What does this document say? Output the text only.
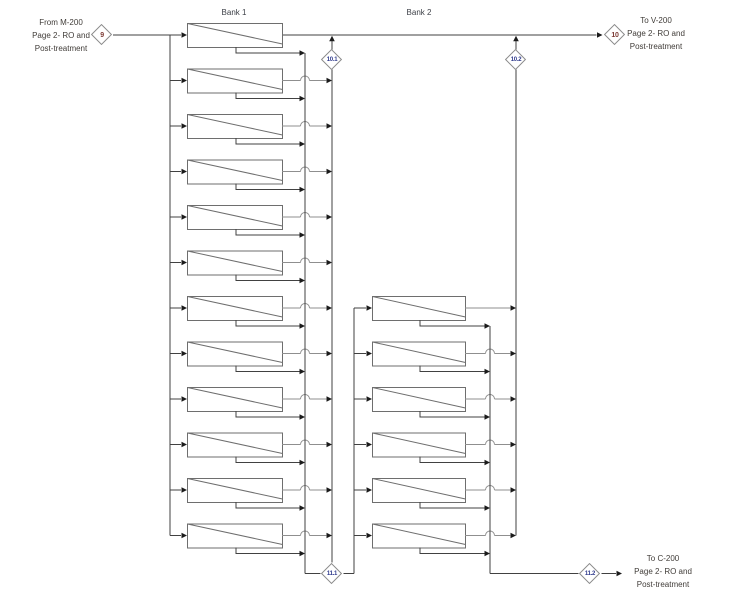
From M-200
Page 2- RO and
Post-treatment
To V-200
Page 2- RO and
Post-treatment
To C-200
Page 2- RO and
Post-treatment
Bank 1	Bank 2
9	10
10.1	10.2
11.1	11.2
